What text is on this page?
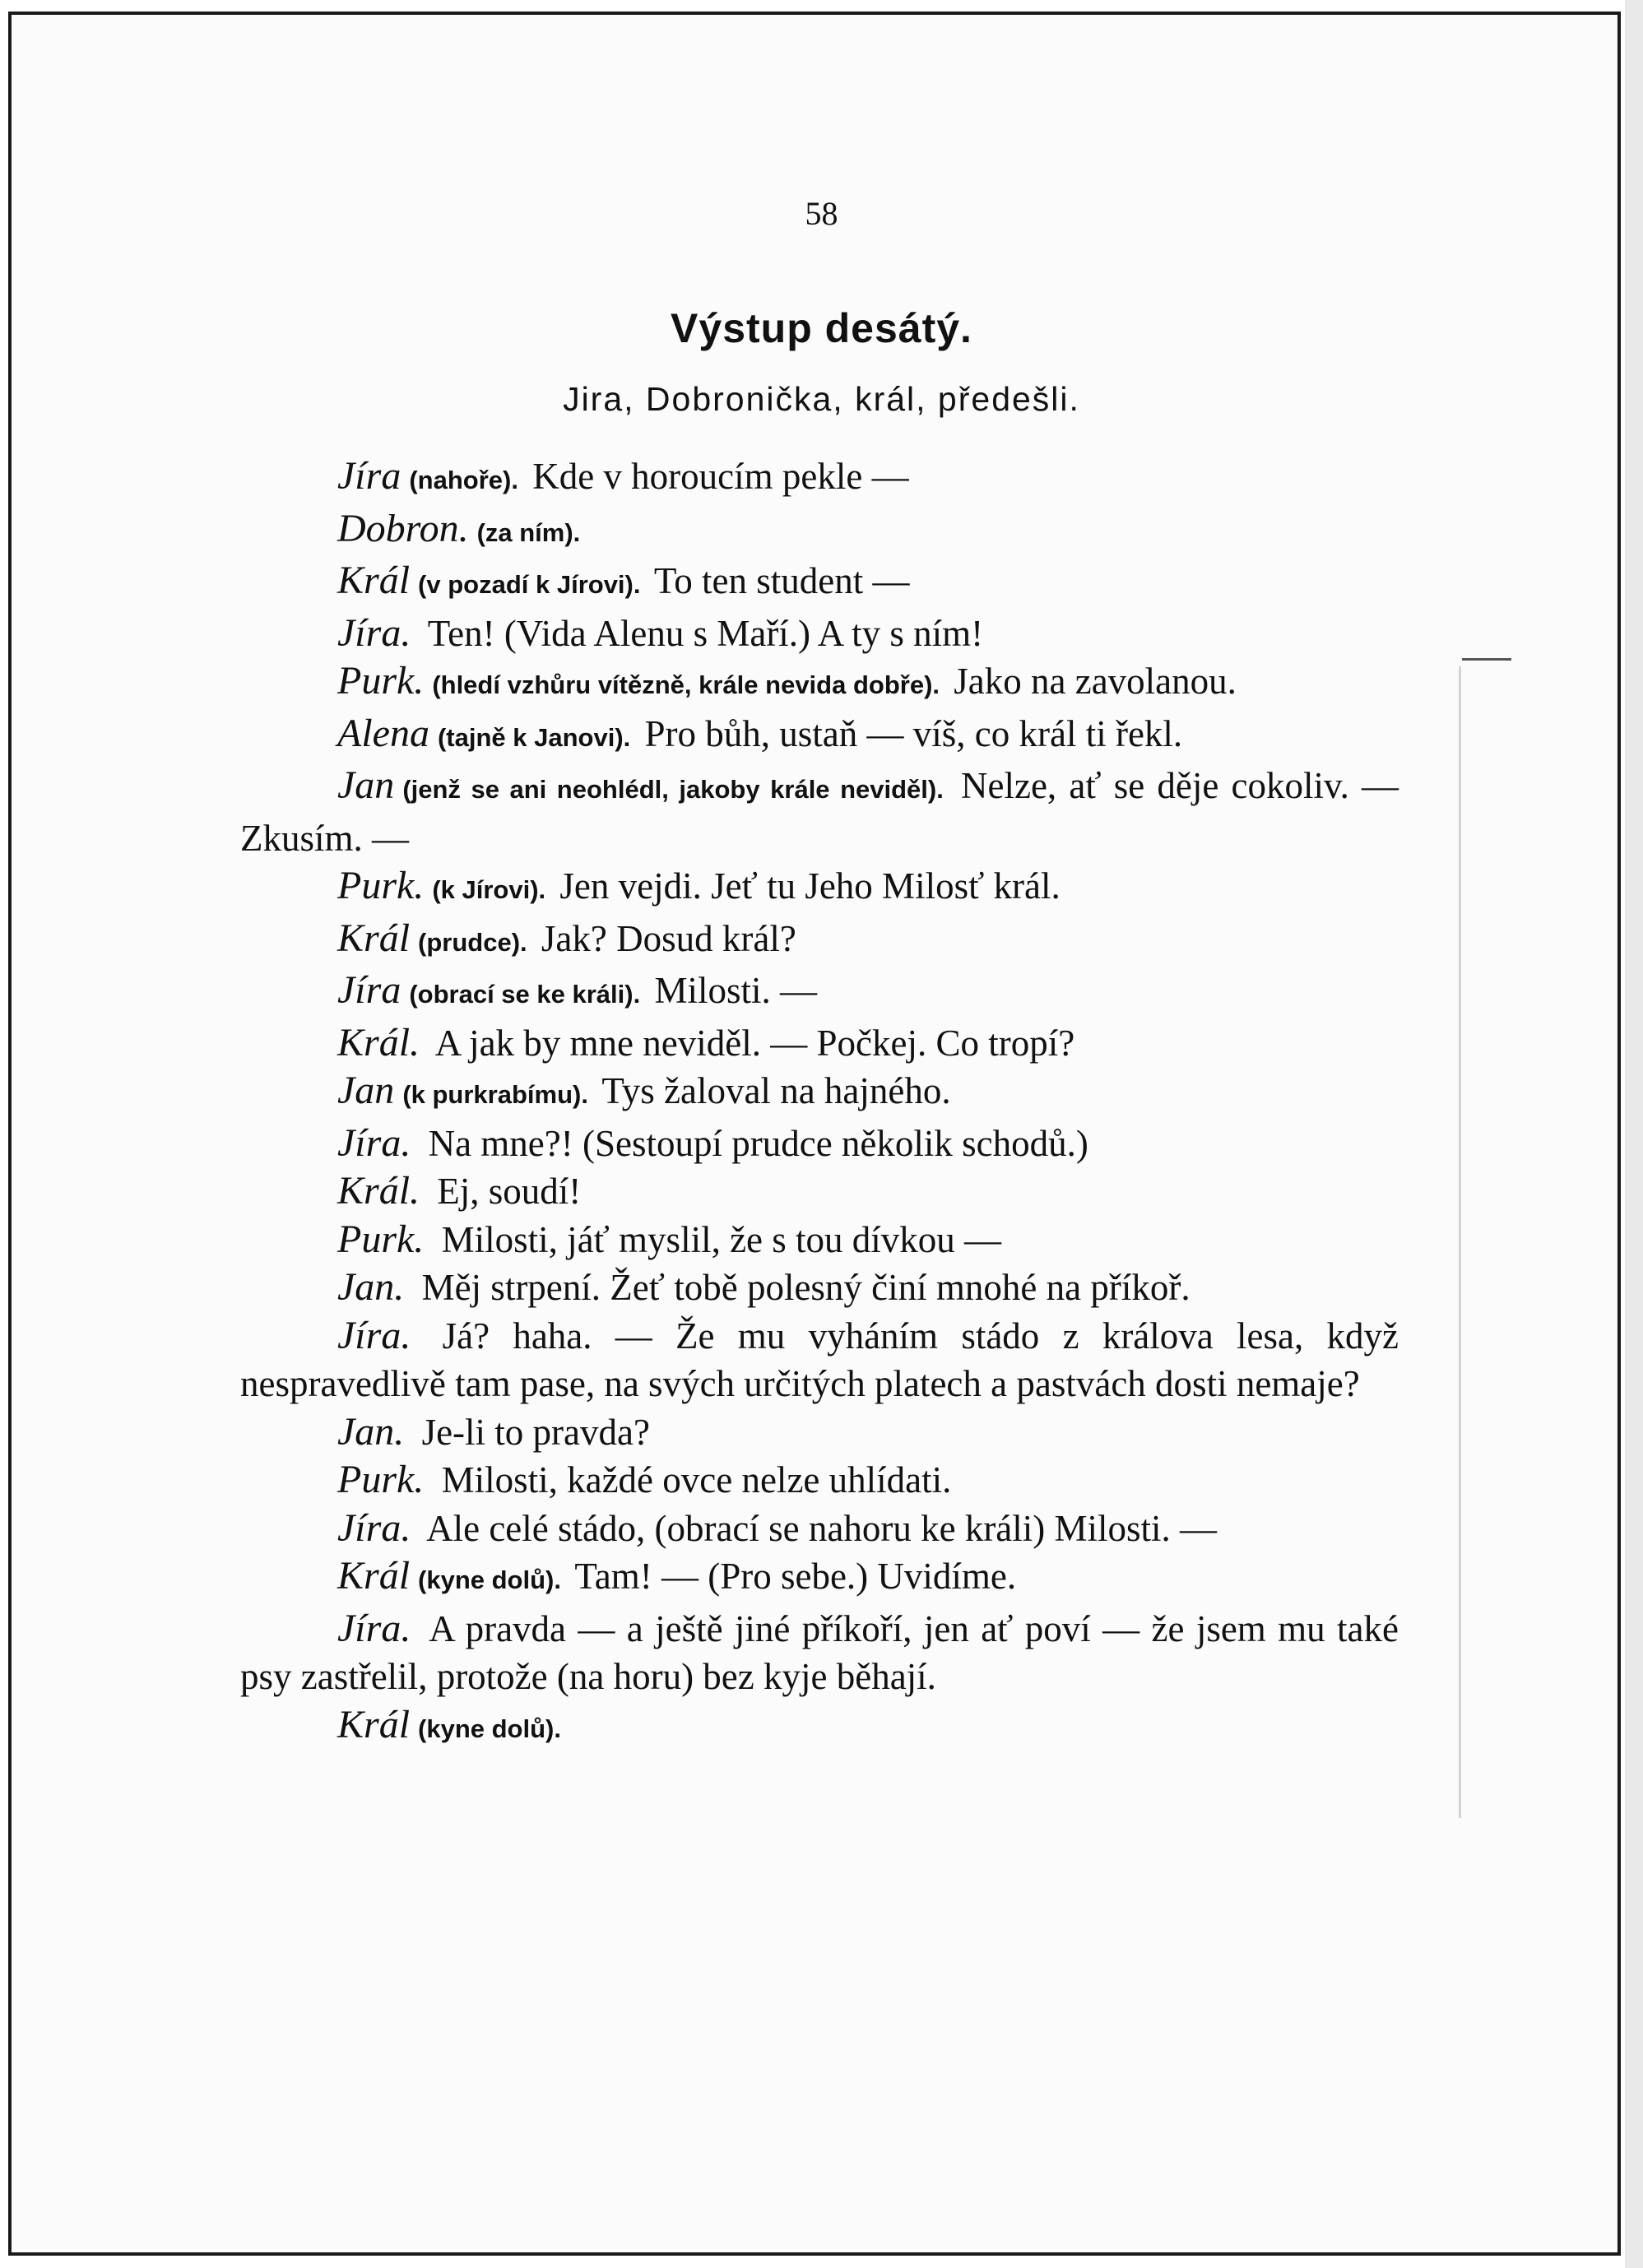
58
Výstup desátý.
Jira, Dobronička, král, předešli.

Jíra (nahoře). Kde v horoucím pekle —

Dobron. (za ním).

Král (v pozadí k Jírovi). To ten student —

Jíra. Ten! (Vida Alenu s Maří.) A ty s ním!

Purk. (hledí vzhůru vítězně, krále nevida dobře). Jako na zavolanou.

Alena (tajně k Janovi). Pro bůh, ustaň — víš, co král ti řekl.

Jan (jenž se ani neohlédl, jakoby krále neviděl). Nelze, ať se děje cokoliv. — Zkusím. —

Purk. (k Jírovi). Jen vejdi. Jeť tu Jeho Milosť král.

Král (prudce). Jak? Dosud král?

Jíra (obrací se ke králi). Milosti. —

Král. A jak by mne neviděl. — Počkej. Co tropí?

Jan (k purkrabímu). Tys žaloval na hajného.

Jíra. Na mne?! (Sestoupí prudce několik schodů.)

Král. Ej, soudí!

Purk. Milosti, jáť myslil, že s tou dívkou —

Jan. Měj strpení. Žeť tobě polesný činí mnohé na příkoř.

Jíra. Já? haha. — Že mu vyháním stádo z králova lesa, když nespravedlivě tam pase, na svých určitých platech a pastvách dosti nemaje?

Jan. Je-li to pravda?

Purk. Milosti, každé ovce nelze uhlídati.

Jíra. Ale celé stádo, (obrací se nahoru ke králi) Milosti. —

Král (kyne dolů). Tam! — (Pro sebe.) Uvidíme.

Jíra. A pravda — a ještě jiné příkoří, jen ať poví — že jsem mu také psy zastřelil, protože (na horu) bez kyje běhají.

Král (kyne dolů).
